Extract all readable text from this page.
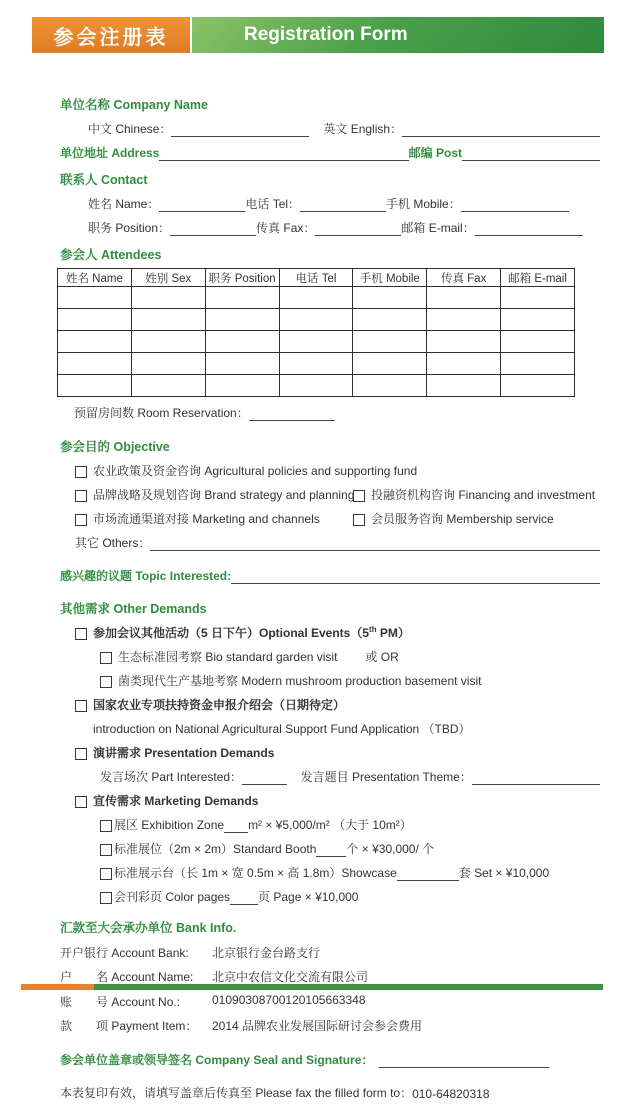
参会注册表	Registration Form
单位名称 Company Name
中文 Chinese：	英文 English：
单位地址 Address	邮编 Post
联系人 Contact
姓名 Name：	电话 Tel：	手机 Mobile：
职务 Position：	传真 Fax：	邮箱 E-mail：
参会人 Attendees
姓名 Name	姓别 Sex	职务 Position	电话 Tel	手机 Mobile	传真 Fax	邮箱 E-mail

预留房间数 Room Reservation：
参会目的 Objective
农业政策及资金咨询 Agricultural policies and supporting fund
品牌战略及规划咨询 Brand strategy and planning 投融资机构咨询 Financing and investment
市场流通渠道对接 Marketing and channels	会员服务咨询 Membership service
其它 Others：
感兴趣的议题 Topic Interested:
其他需求 Other Demands
参加会议其他活动（5 日下午）Optional Events（5th PM）
生态标准园考察 Bio standard garden visit 或 OR
菌类现代生产基地考察 Modern mushroom production basement visit
国家农业专项扶持资金申报介绍会（日期待定）
introduction on National Agricultural Support Fund Application （TBD）
演讲需求 Presentation Demands
发言场次 Part Interested：	发言题目 Presentation Theme：
宣传需求 Marketing Demands
展区 Exhibition Zone m² × ¥5,000/m² （大于 10m²）
标准展位（2m × 2m）Standard Booth	个 × ¥30,000/ 个
标准展示台（长 1m × 宽 0.5m × 高 1.8m）Showcase	套 Set × ¥10,000
会刊彩页 Color pages 页 Page × ¥10,000
汇款至大会承办单位 Bank Info.
开户银行 Account Bank:	北京银行金台路支行
户　　名 Account Name:	北京中农信文化交流有限公司
账　　号 Account No.:	01090308700120105663348
款　　项 Payment Item：	2014 品牌农业发展国际研讨会参会费用
参会单位盖章或领导签名 Company Seal and Signature：
本表复印有效，请填写盖章后传真至 Please fax the filled form to： 010-64820318
